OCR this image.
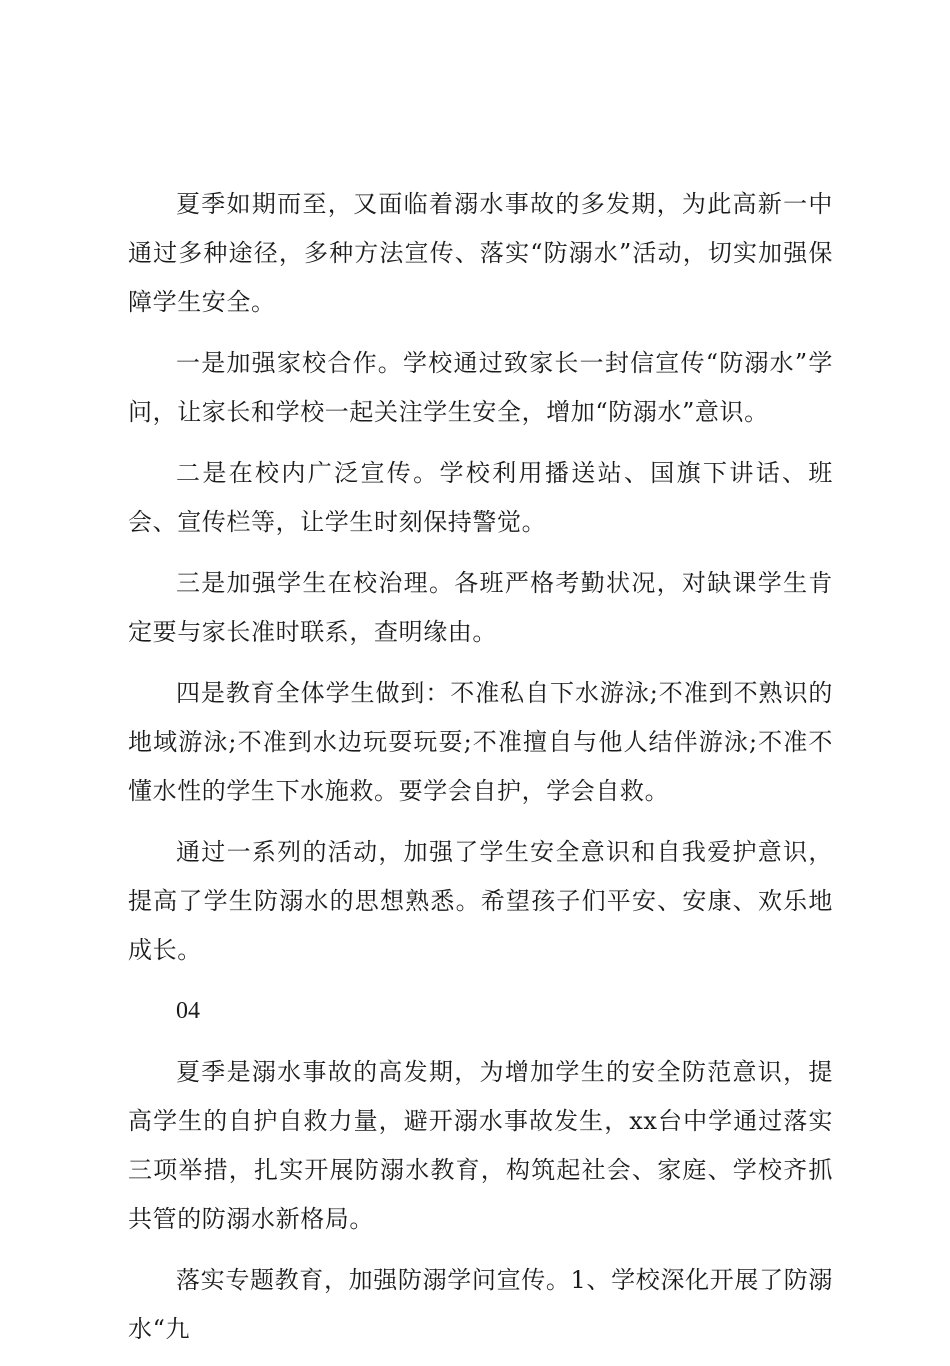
夏季如期而至，又面临着溺水事故的多发期，为此高新一中通过多种途径，多种方法宣传、落实“防溺水”活动，切实加强保障学生安全。

一是加强家校合作。学校通过致家长一封信宣传“防溺水”学问，让家长和学校一起关注学生安全，增加“防溺水”意识。

二是在校内广泛宣传。学校利用播送站、国旗下讲话、班会、宣传栏等，让学生时刻保持警觉。

三是加强学生在校治理。各班严格考勤状况，对缺课学生肯定要与家长准时联系，查明缘由。

四是教育全体学生做到：不准私自下水游泳;不准到不熟识的地域游泳;不准到水边玩耍玩耍;不准擅自与他人结伴游泳;不准不懂水性的学生下水施救。要学会自护，学会自救。

通过一系列的活动，加强了学生安全意识和自我爱护意识，提高了学生防溺水的思想熟悉。希望孩子们平安、安康、欢乐地成长。

04

夏季是溺水事故的高发期，为增加学生的安全防范意识，提高学生的自护自救力量，避开溺水事故发生，xx台中学通过落实三项举措，扎实开展防溺水教育，构筑起社会、家庭、学校齐抓共管的防溺水新格局。

落实专题教育，加强防溺学问宣传。1、学校深化开展了防溺水“九
